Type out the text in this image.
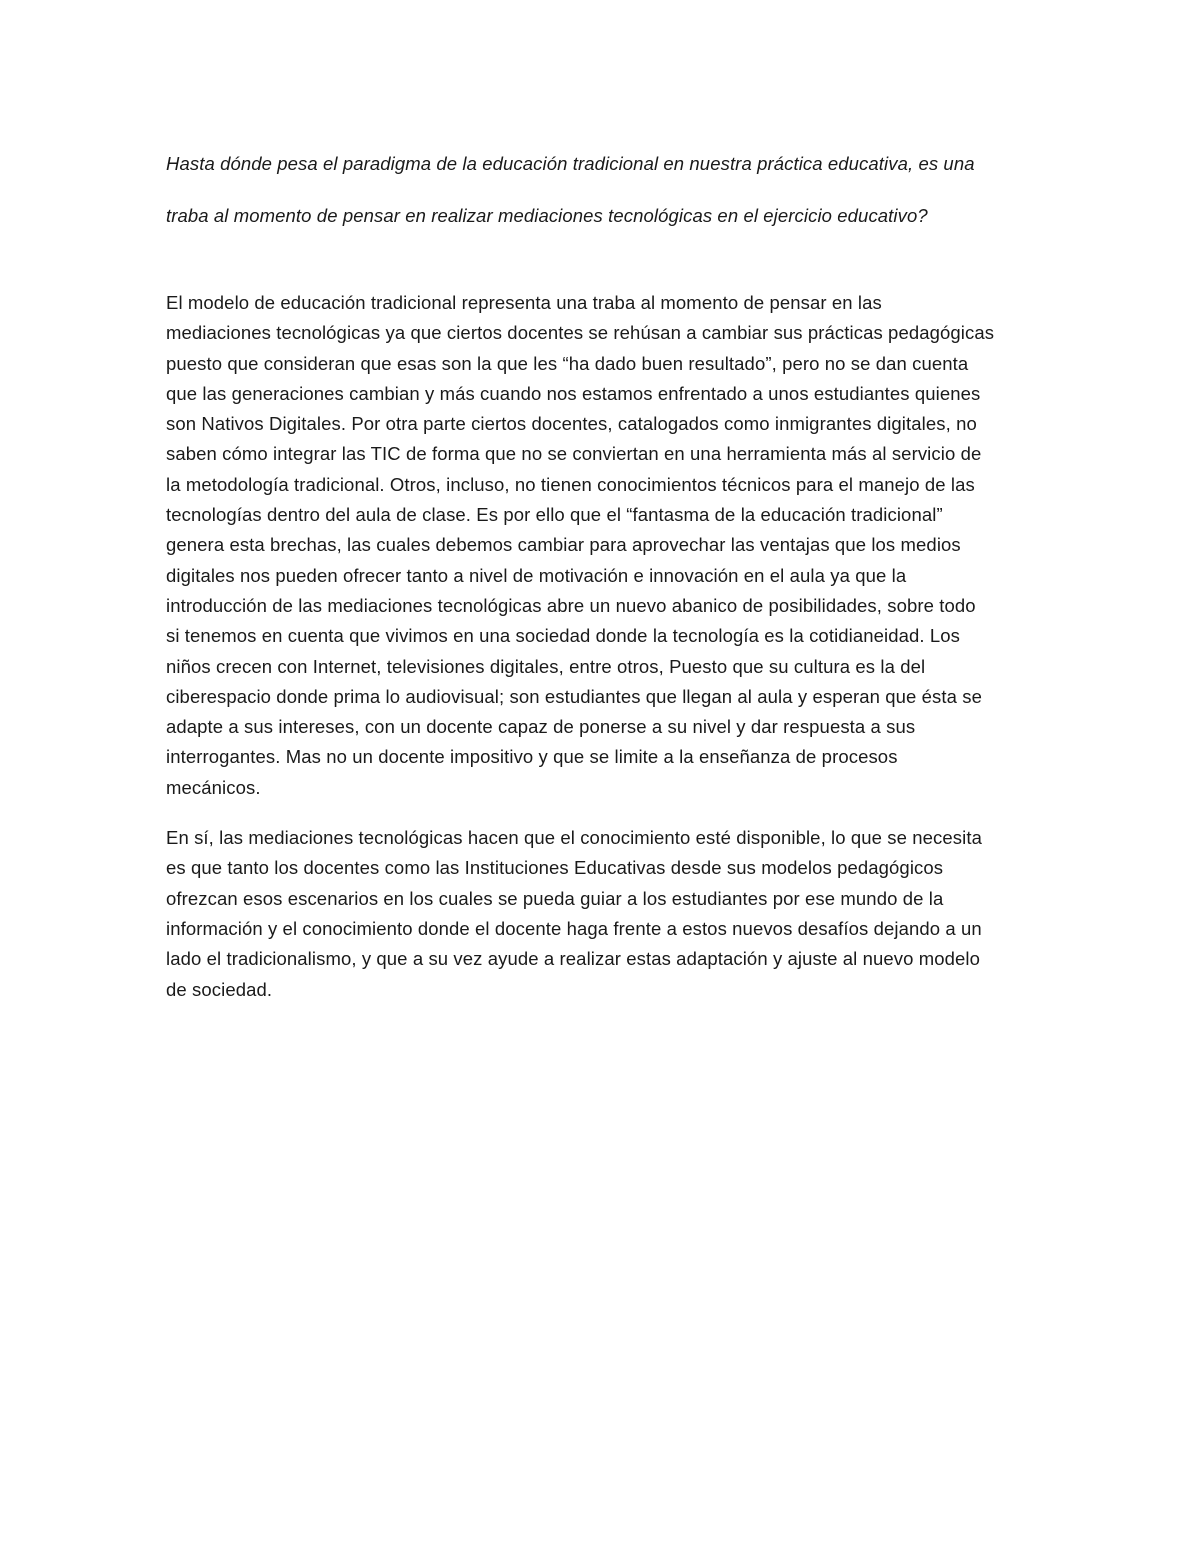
Hasta dónde pesa el paradigma de la educación tradicional en nuestra práctica educativa, es una
traba al momento de pensar en realizar mediaciones tecnológicas en el ejercicio educativo?

El modelo de educación tradicional representa una traba al momento de pensar en las
mediaciones tecnológicas ya que ciertos docentes se rehúsan a cambiar sus prácticas pedagógicas
puesto que consideran que esas son la que les “ha dado buen resultado”, pero no se dan cuenta
que las generaciones cambian y más cuando nos estamos enfrentado a unos estudiantes quienes
son Nativos Digitales. Por otra parte ciertos docentes, catalogados como inmigrantes digitales, no
saben cómo integrar las TIC de forma que no se conviertan en una herramienta más al servicio de
la metodología tradicional. Otros, incluso, no tienen conocimientos técnicos para el manejo de las
tecnologías dentro del aula de clase. Es por ello que el “fantasma de la educación tradicional”
genera esta brechas, las cuales debemos cambiar para aprovechar las ventajas que los medios
digitales nos pueden ofrecer tanto a nivel de motivación e innovación en el aula ya que la
introducción de las mediaciones tecnológicas abre un nuevo abanico de posibilidades, sobre todo
si tenemos en cuenta que vivimos en una sociedad donde la tecnología es la cotidianeidad. Los
niños crecen con Internet, televisiones digitales, entre otros, Puesto que su cultura es la del
ciberespacio donde prima lo audiovisual; son estudiantes que llegan al aula y esperan que ésta se
adapte a sus intereses, con un docente capaz de ponerse a su nivel y dar respuesta a sus
interrogantes. Mas no un docente impositivo y que se limite a la enseñanza de procesos
mecánicos.

En sí, las mediaciones tecnológicas hacen que el conocimiento esté disponible, lo que se necesita
es que tanto los docentes como las Instituciones Educativas desde sus modelos pedagógicos
ofrezcan esos escenarios en los cuales se pueda guiar a los estudiantes por ese mundo de la
información y el conocimiento donde el docente haga frente a estos nuevos desafíos dejando a un
lado el tradicionalismo, y que a su vez ayude a realizar estas adaptación y ajuste al nuevo modelo
de sociedad.
